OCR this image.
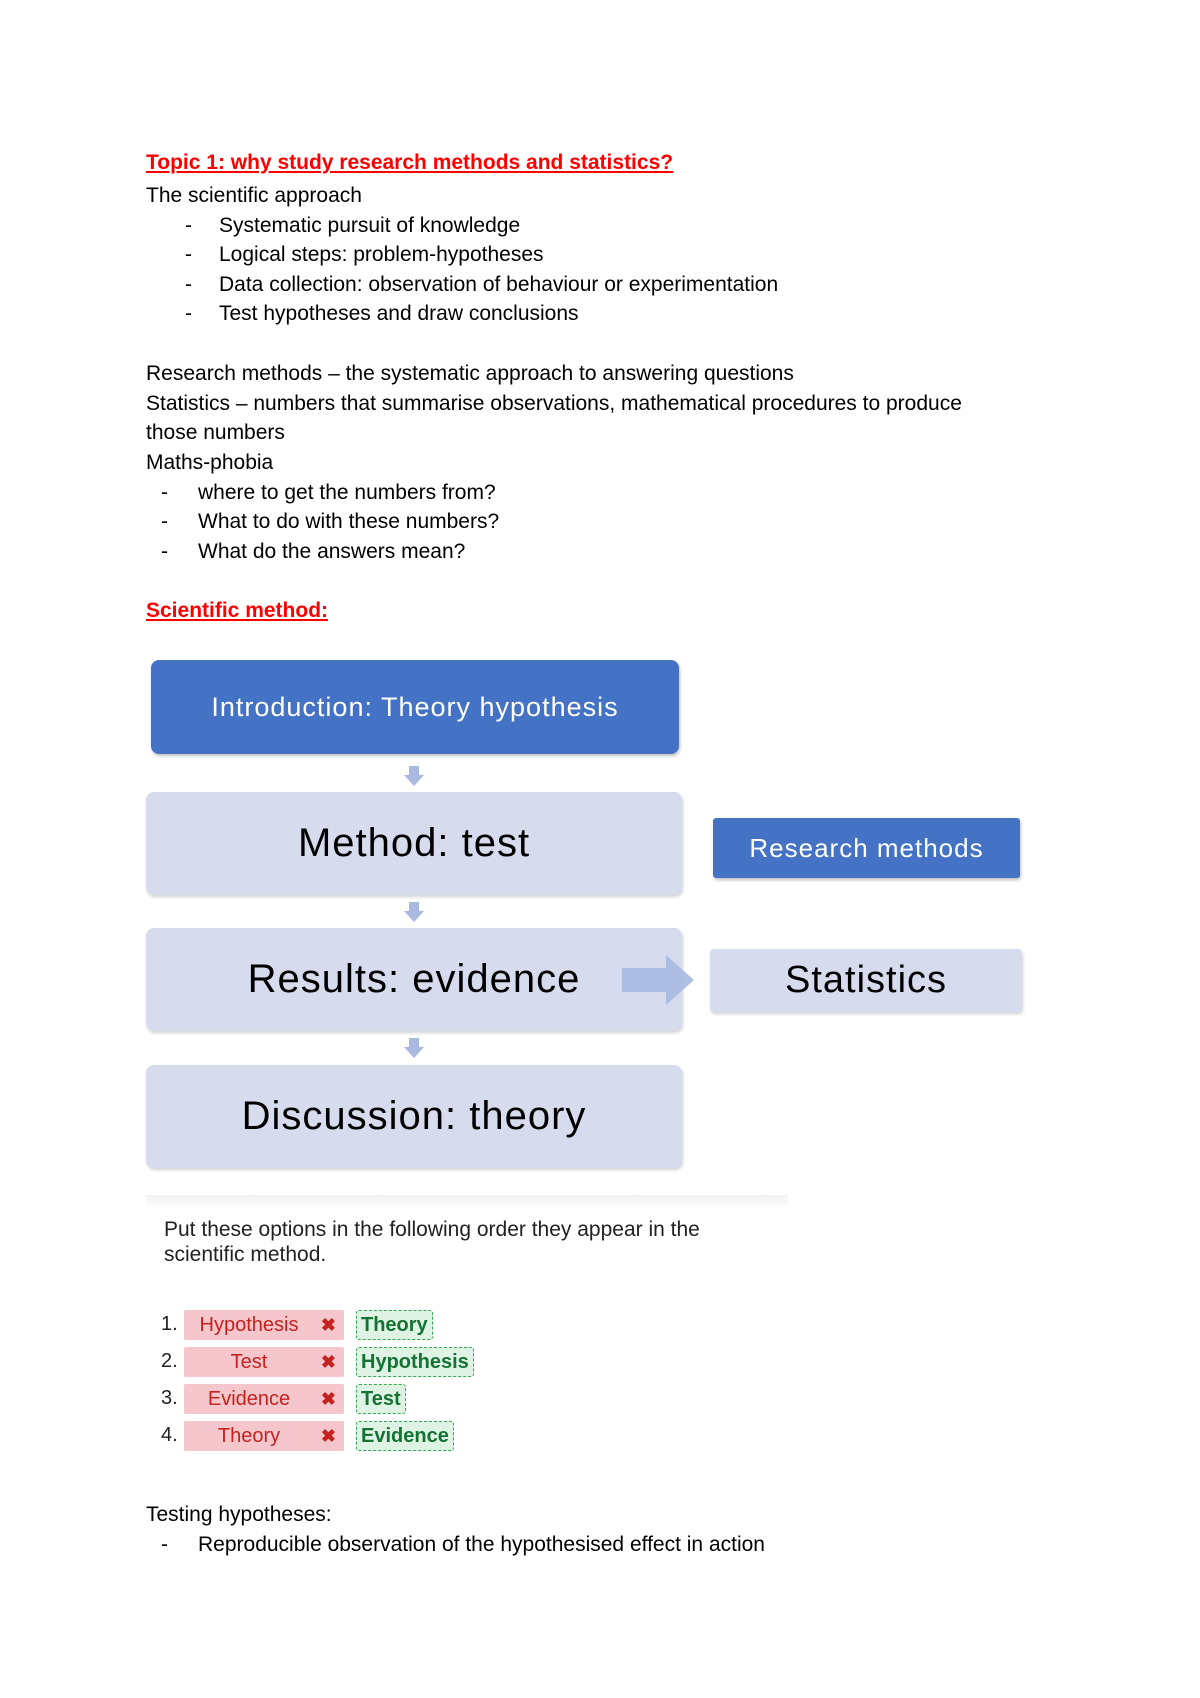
Topic 1: why study research methods and statistics?
The scientific approach
- Systematic pursuit of knowledge
- Logical steps: problem-hypotheses
- Data collection: observation of behaviour or experimentation
- Test hypotheses and draw conclusions
Research methods – the systematic approach to answering questions
Statistics – numbers that summarise observations, mathematical procedures to produce
those numbers
Maths-phobia
- where to get the numbers from?
- What to do with these numbers?
- What do the answers mean?
Scientific method:
Introduction: Theory hypothesis
Method: test
Results: evidence
Discussion: theory
Research methods
Statistics
Put these options in the following order they appear in the scientific method.
1.	Hypothesis	✖ Theory
2.	Test	✖ Hypothesis
3.	Evidence	✖ Test
4.	Theory	✖ Evidence
Testing hypotheses:
- Reproducible observation of the hypothesised effect in action
